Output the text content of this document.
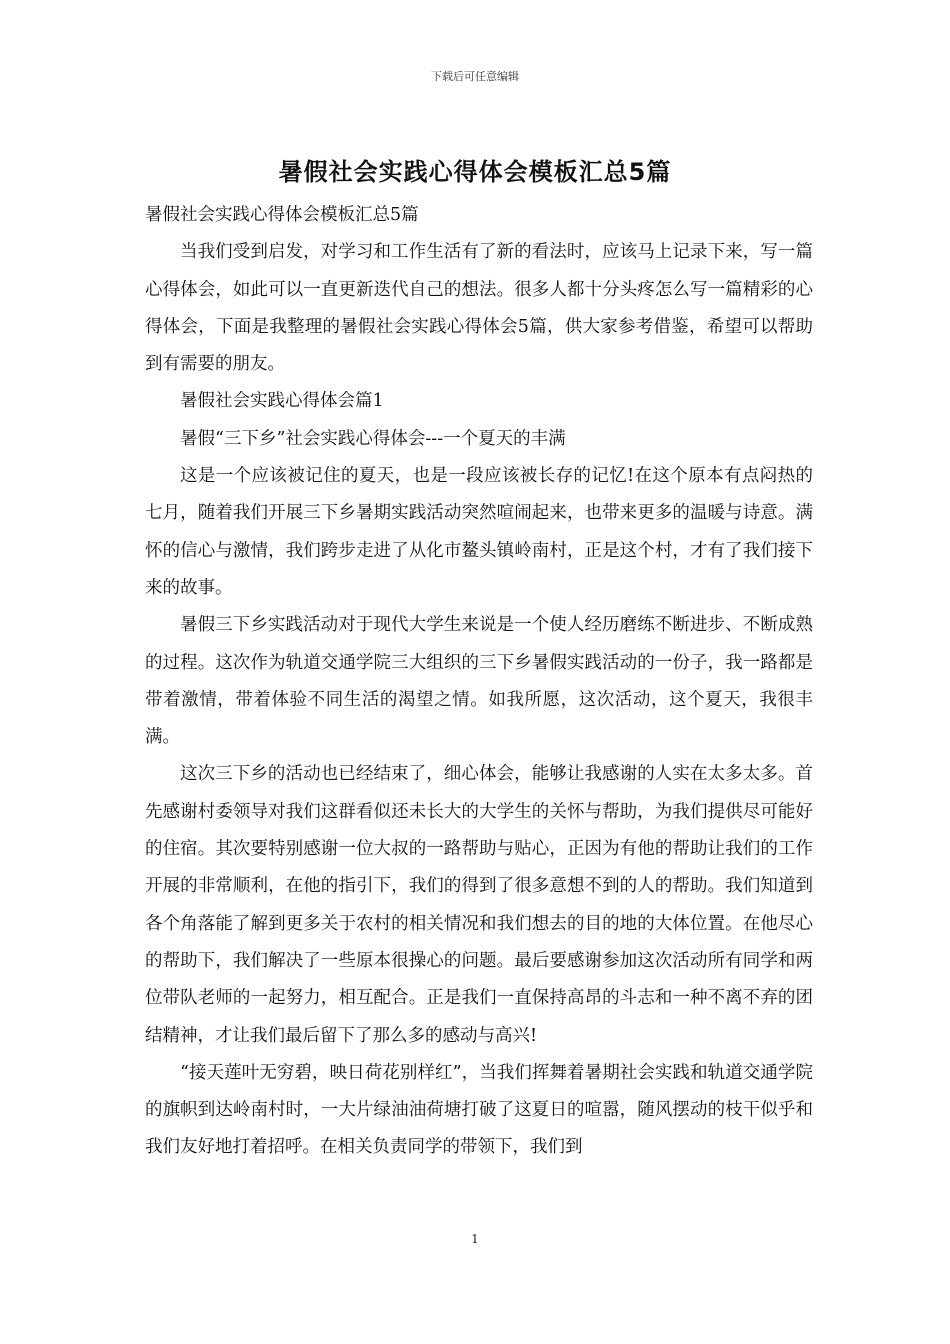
下载后可任意编辑
暑假社会实践心得体会模板汇总5篇

暑假社会实践心得体会模板汇总5篇

当我们受到启发，对学习和工作生活有了新的看法时，应该马上记录下来，写一篇心得体会，如此可以一直更新迭代自己的想法。很多人都十分头疼怎么写一篇精彩的心得体会，下面是我整理的暑假社会实践心得体会5篇，供大家参考借鉴，希望可以帮助到有需要的朋友。

暑假社会实践心得体会篇1

暑假“三下乡”社会实践心得体会---一个夏天的丰满

这是一个应该被记住的夏天，也是一段应该被长存的记忆!在这个原本有点闷热的七月，随着我们开展三下乡暑期实践活动突然喧闹起来，也带来更多的温暖与诗意。满怀的信心与激情，我们跨步走进了从化市鳌头镇岭南村，正是这个村，才有了我们接下来的故事。

暑假三下乡实践活动对于现代大学生来说是一个使人经历磨练不断进步、不断成熟的过程。这次作为轨道交通学院三大组织的三下乡暑假实践活动的一份子，我一路都是带着激情，带着体验不同生活的渴望之情。如我所愿，这次活动，这个夏天，我很丰满。

这次三下乡的活动也已经结束了，细心体会，能够让我感谢的人实在太多太多。首先感谢村委领导对我们这群看似还未长大的大学生的关怀与帮助，为我们提供尽可能好的住宿。其次要特别感谢一位大叔的一路帮助与贴心，正因为有他的帮助让我们的工作开展的非常顺利，在他的指引下，我们的得到了很多意想不到的人的帮助。我们知道到各个角落能了解到更多关于农村的相关情况和我们想去的目的地的大体位置。在他尽心的帮助下，我们解决了一些原本很操心的问题。最后要感谢参加这次活动所有同学和两位带队老师的一起努力，相互配合。正是我们一直保持高昂的斗志和一种不离不弃的团结精神，才让我们最后留下了那么多的感动与高兴!

“接天莲叶无穷碧，映日荷花别样红”，当我们挥舞着暑期社会实践和轨道交通学院的旗帜到达岭南村时，一大片绿油油荷塘打破了这夏日的喧嚣，随风摆动的枝干似乎和我们友好地打着招呼。在相关负责同学的带领下，我们到

1
